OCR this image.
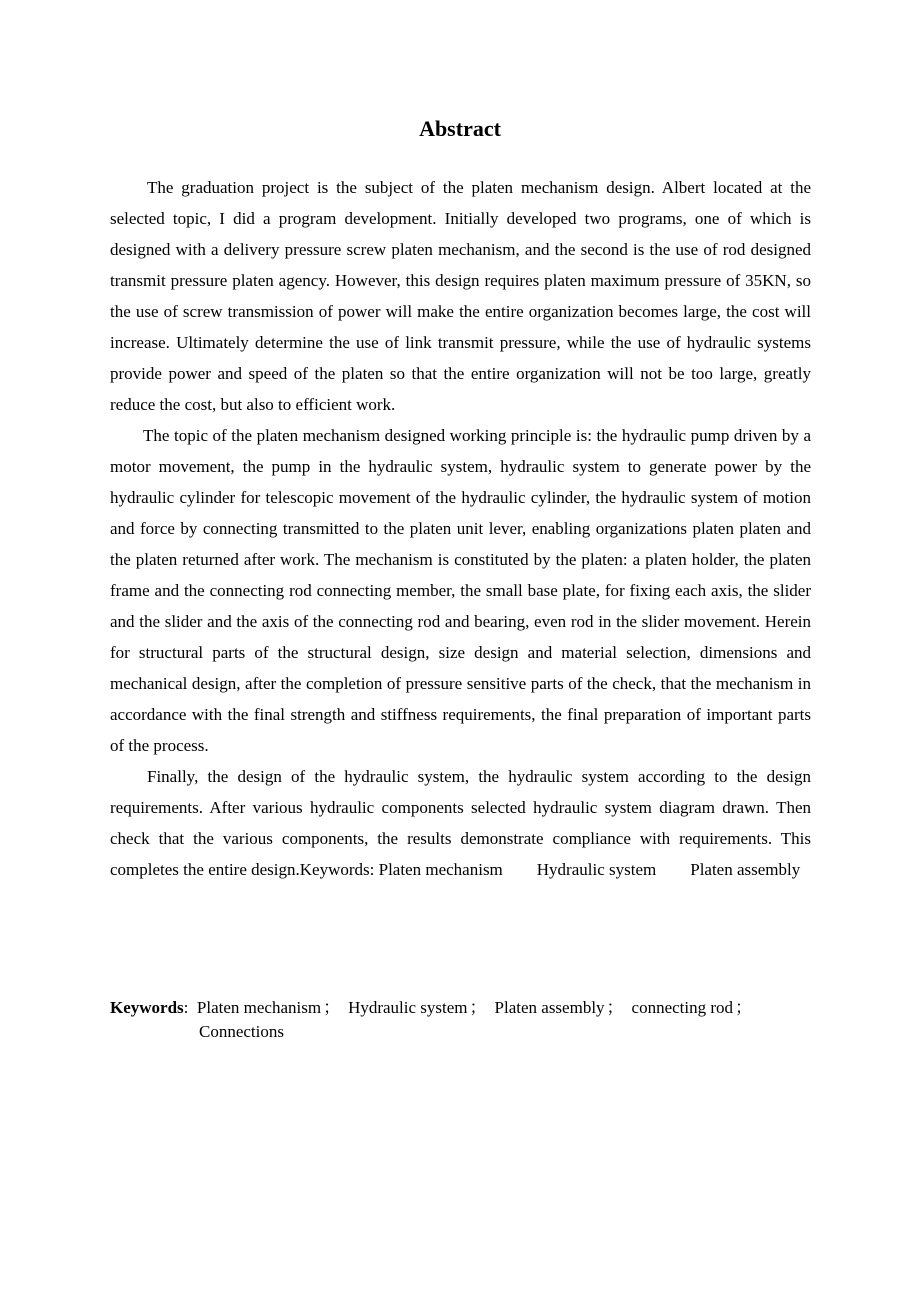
Abstract

The graduation project is the subject of the platen mechanism design. Albert located at the selected topic, I did a program development. Initially developed two programs, one of which is designed with a delivery pressure screw platen mechanism, and the second is the use of rod designed transmit pressure platen agency. However, this design requires platen maximum pressure of 35KN, so the use of screw transmission of power will make the entire organization becomes large, the cost will increase. Ultimately determine the use of link transmit pressure, while the use of hydraulic systems provide power and speed of the platen so that the entire organization will not be too large, greatly reduce the cost, but also to efficient work.

The topic of the platen mechanism designed working principle is: the hydraulic pump driven by a motor movement, the pump in the hydraulic system, hydraulic system to generate power by the hydraulic cylinder for telescopic movement of the hydraulic cylinder, the hydraulic system of motion and force by connecting transmitted to the platen unit lever, enabling organizations platen platen and the platen returned after work. The mechanism is constituted by the platen: a platen holder, the platen frame and the connecting rod connecting member, the small base plate, for fixing each axis, the slider and the slider and the axis of the connecting rod and bearing, even rod in the slider movement. Herein for structural parts of the structural design, size design and material selection, dimensions and mechanical design, after the completion of pressure sensitive parts of the check, that the mechanism in accordance with the final strength and stiffness requirements, the final preparation of important parts of the process.

Finally, the design of the hydraulic system, the hydraulic system according to the design requirements. After various hydraulic components selected hydraulic system diagram drawn. Then check that the various components, the results demonstrate compliance with requirements. This completes the entire design.Keywords: Platen mechanism  Hydraulic system  Platen assembly

Keywords: Platen mechanism ； Hydraulic system ； Platen assembly ； connecting rod ；
Connections
